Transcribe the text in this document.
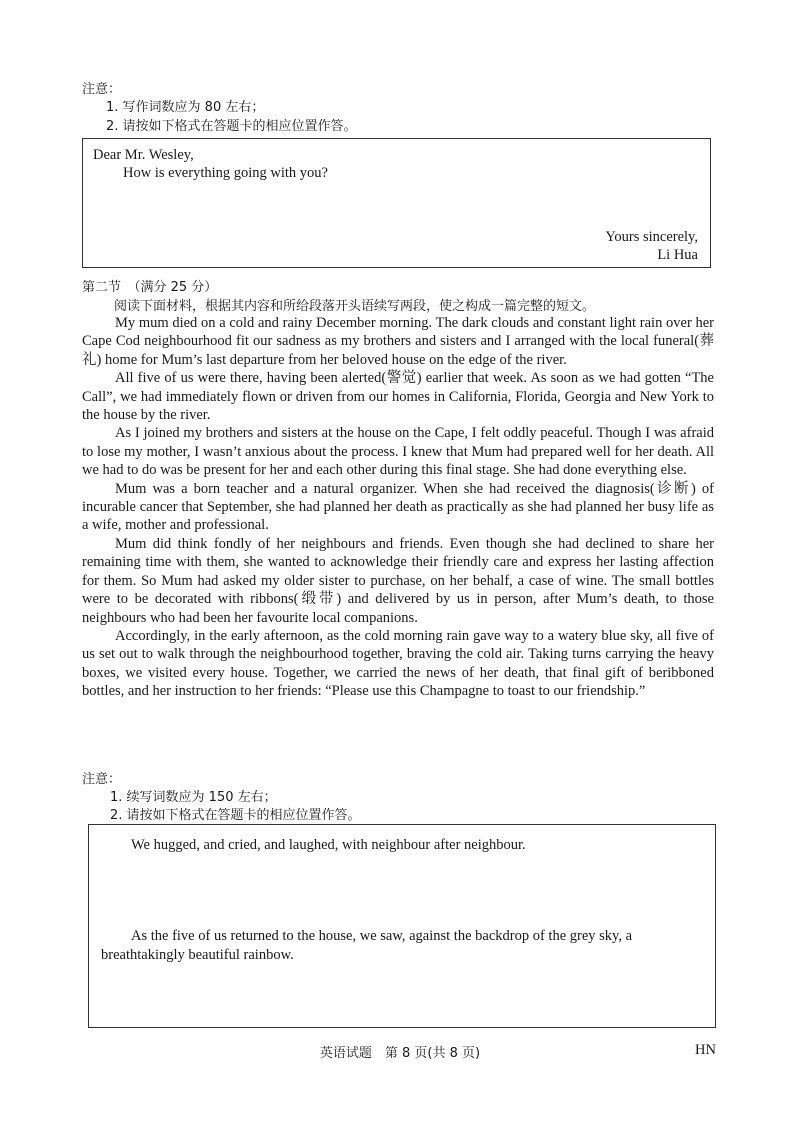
注意：
1. 写作词数应为 80 左右；
2. 请按如下格式在答题卡的相应位置作答。
Dear Mr. Wesley,
How is everything going with you?
Yours sincerely,
Li Hua
第二节　（满分 25 分）
阅读下面材料，根据其内容和所给段落开头语续写两段，使之构成一篇完整的短文。

My mum died on a cold and rainy December morning. The dark clouds and constant light rain over her Cape Cod neighbourhood fit our sadness as my brothers and sisters and I arranged with the local funeral(葬礼) home for Mum’s last departure from her beloved house on the edge of the river.

All five of us were there, having been alerted(警觉) earlier that week. As soon as we had gotten “The Call”, we had immediately flown or driven from our homes in California, Florida, Georgia and New York to the house by the river.

As I joined my brothers and sisters at the house on the Cape, I felt oddly peaceful. Though I was afraid to lose my mother, I wasn’t anxious about the process. I knew that Mum had prepared well for her death. All we had to do was be present for her and each other during this final stage. She had done everything else.

Mum was a born teacher and a natural organizer. When she had received the diagnosis(诊断) of incurable cancer that September, she had planned her death as practically as she had planned her busy life as a wife, mother and professional.

Mum did think fondly of her neighbours and friends. Even though she had declined to share her remaining time with them, she wanted to acknowledge their friendly care and express her lasting affection for them. So Mum had asked my older sister to purchase, on her behalf, a case of wine. The small bottles were to be decorated with ribbons(缎带) and delivered by us in person, after Mum’s death, to those neighbours who had been her favourite local companions.

Accordingly, in the early afternoon, as the cold morning rain gave way to a watery blue sky, all five of us set out to walk through the neighbourhood together, braving the cold air. Taking turns carrying the heavy boxes, we visited every house. Together, we carried the news of her death, that final gift of beribboned bottles, and her instruction to her friends: “Please use this Champagne to toast to our friendship.”

注意：
1. 续写词数应为 150 左右；
2. 请按如下格式在答题卡的相应位置作答。
We hugged, and cried, and laughed, with neighbour after neighbour.
As the five of us returned to the house, we saw, against the backdrop of the grey sky, a breathtakingly beautiful rainbow.
英语试题　第 8 页(共 8 页)	HN
